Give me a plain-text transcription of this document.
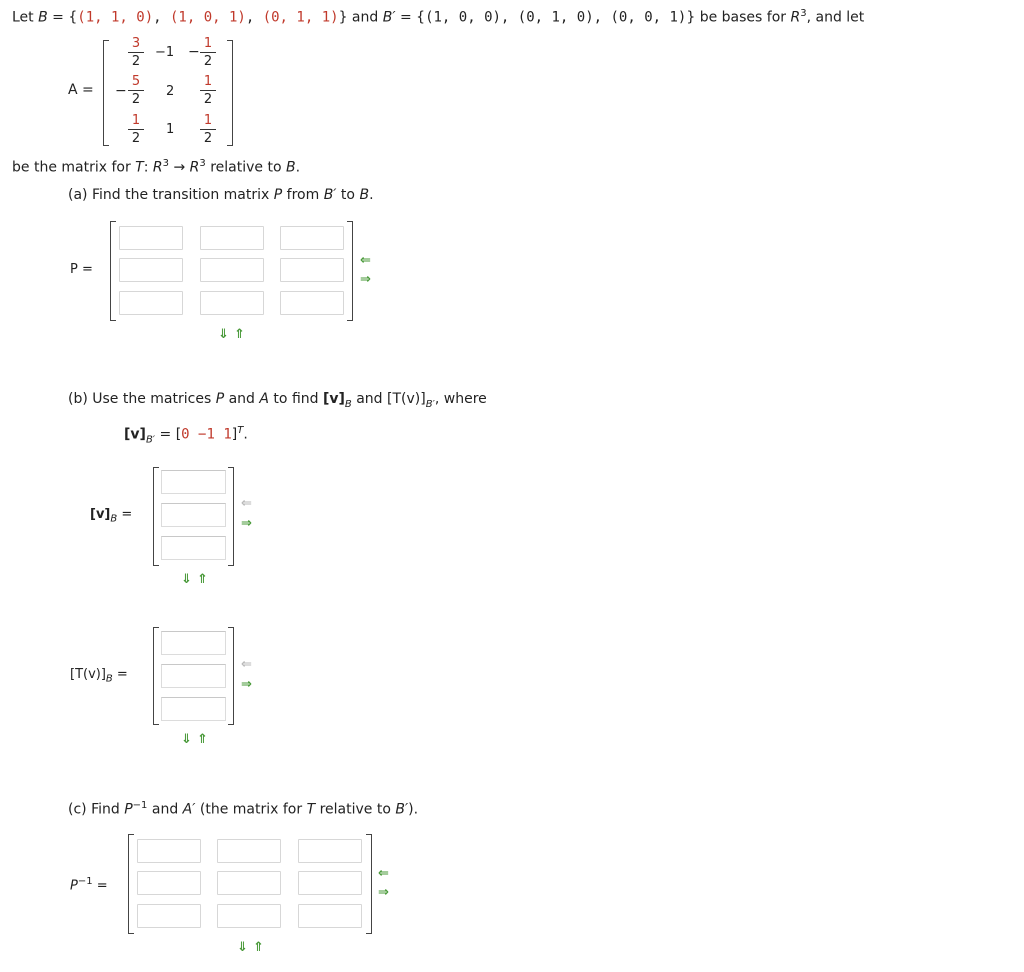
Let B = {(1, 1, 0), (1, 0, 1), (0, 1, 1)} and B′ = {(1, 0, 0), (0, 1, 0), (0, 0, 1)} be bases for $R^3$, and let
A =
$\frac{3}{2} -1 - \frac{1}{2}$
− $\frac{5}{2} 2 \frac{1}{2}$
$\frac{1}{2} 1 \frac{1}{2}$
be the matrix for T: $R^3 \to R^3$ relative to B.
(a) Find the transition matrix P from B′ to B.
P =
⇐
⇒
⇓ ⇑
(b) Use the matrices P and A to find $[v]_B$ and $[T(v)]_{B'}$, where
$[v]_{B'} = [0 -1$ 1]$^T$.
$[v]_B$ =
⇐
⇒
⇓ ⇑
$[T(v)]_B$ =
⇐
⇒
⇓ ⇑
(c) Find $P^{-1}$ and A′ (the matrix for T relative to B′).
$P^{-1}$ =
⇐
⇒
⇓ ⇑
